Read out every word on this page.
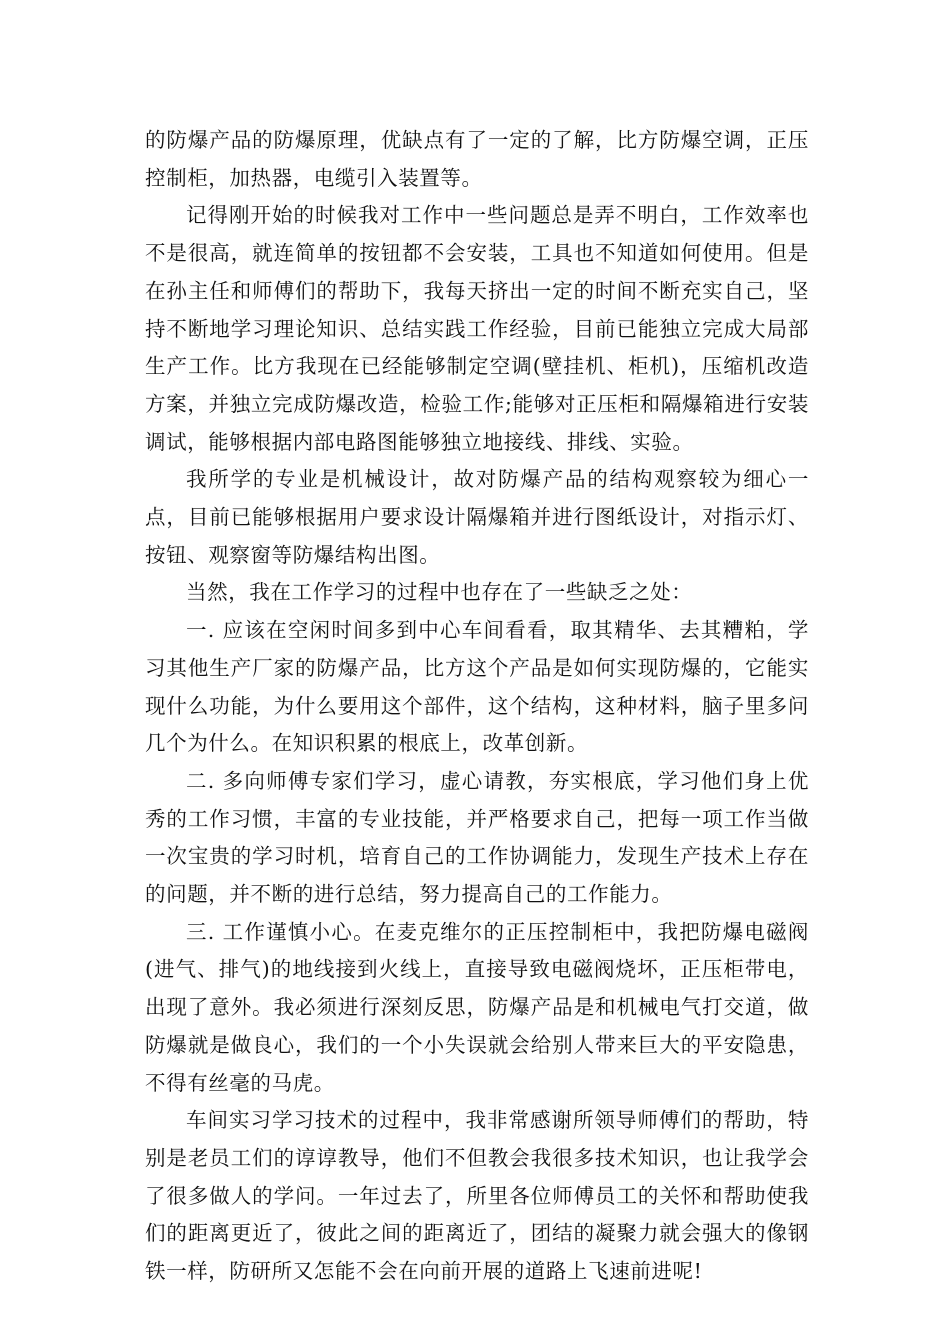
的防爆产品的防爆原理，优缺点有了一定的了解，比方防爆空调，正压控制柜，加热器，电缆引入装置等。

记得刚开始的时候我对工作中一些问题总是弄不明白，工作效率也不是很高，就连简单的按钮都不会安装，工具也不知道如何使用。但是在孙主任和师傅们的帮助下，我每天挤出一定的时间不断充实自己，坚持不断地学习理论知识、总结实践工作经验，目前已能独立完成大局部生产工作。比方我现在已经能够制定空调(壁挂机、柜机)，压缩机改造方案，并独立完成防爆改造，检验工作;能够对正压柜和隔爆箱进行安装调试，能够根据内部电路图能够独立地接线、排线、实验。

我所学的专业是机械设计，故对防爆产品的结构观察较为细心一点，目前已能够根据用户要求设计隔爆箱并进行图纸设计，对指示灯、按钮、观察窗等防爆结构出图。

当然，我在工作学习的过程中也存在了一些缺乏之处：

一. 应该在空闲时间多到中心车间看看，取其精华、去其糟粕，学习其他生产厂家的防爆产品，比方这个产品是如何实现防爆的，它能实现什么功能，为什么要用这个部件，这个结构，这种材料，脑子里多问几个为什么。在知识积累的根底上，改革创新。

二. 多向师傅专家们学习，虚心请教，夯实根底，学习他们身上优秀的工作习惯，丰富的专业技能，并严格要求自己，把每一项工作当做一次宝贵的学习时机，培育自己的工作协调能力，发现生产技术上存在的问题，并不断的进行总结，努力提高自己的工作能力。

三. 工作谨慎小心。在麦克维尔的正压控制柜中，我把防爆电磁阀(进气、排气)的地线接到火线上，直接导致电磁阀烧坏，正压柜带电，出现了意外。我必须进行深刻反思，防爆产品是和机械电气打交道，做防爆就是做良心，我们的一个小失误就会给别人带来巨大的平安隐患，不得有丝毫的马虎。

车间实习学习技术的过程中，我非常感谢所领导师傅们的帮助，特别是老员工们的谆谆教导，他们不但教会我很多技术知识，也让我学会了很多做人的学问。一年过去了，所里各位师傅员工的关怀和帮助使我们的距离更近了，彼此之间的距离近了，团结的凝聚力就会强大的像钢铁一样，防研所又怎能不会在向前开展的道路上飞速前进呢!
